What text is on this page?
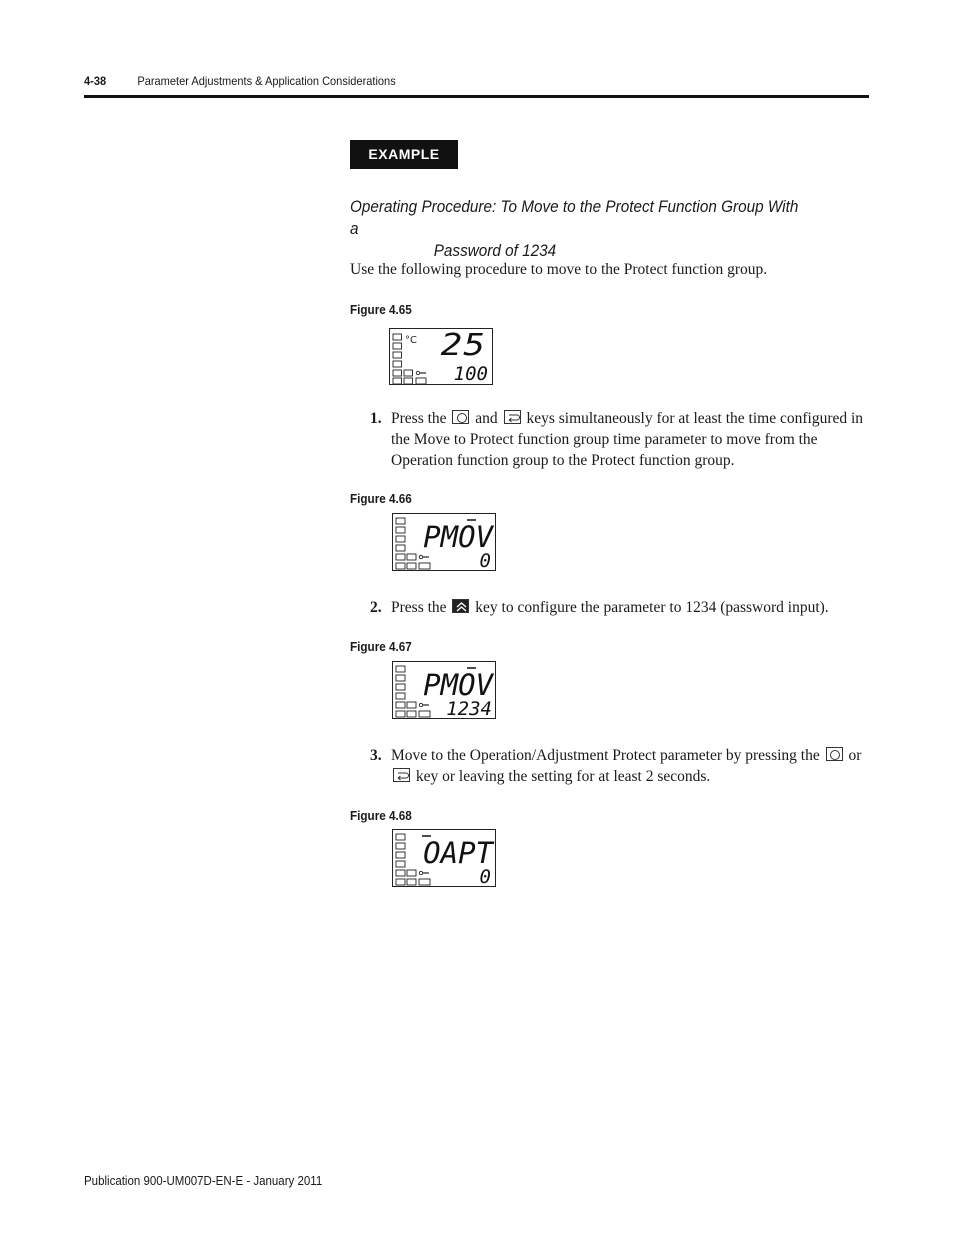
4-38	Parameter Adjustments & Application Considerations
EXAMPLE
Operating Procedure: To Move to the Protect Function Group With a
Password of 1234
Use the following procedure to move to the Protect function group.
Figure 4.65
°C 25
100
1. Press the and keys simultaneously for at least the time configured in the Move to Protect function group time parameter to move from the Operation function group to the Protect function group.
Figure 4.66
PMOV
0
2. Press the key to configure the parameter to 1234 (password input).
Figure 4.67
PMOV
1234
3. Move to the Operation/Adjustment Protect parameter by pressing the or
key or leaving the setting for at least 2 seconds.
Figure 4.68
OAPT
0
Publication 900-UM007D-EN-E - January 2011
